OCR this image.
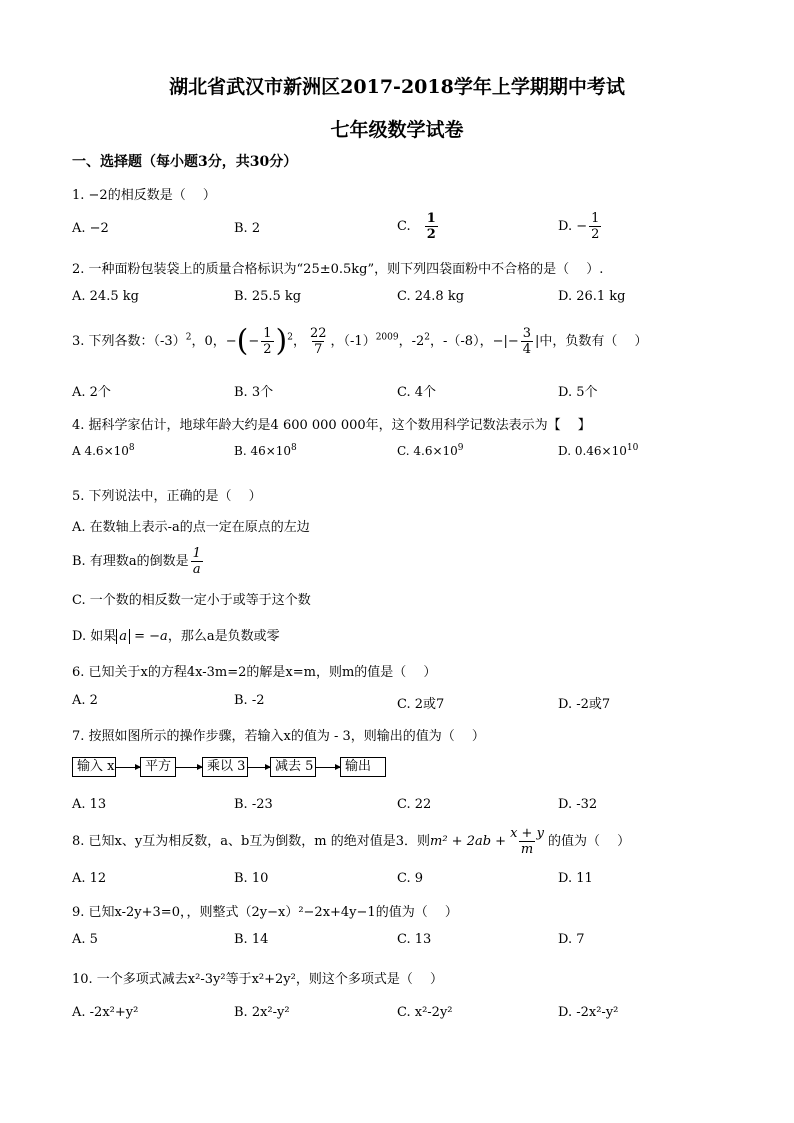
湖北省武汉市新洲区2017-2018学年上学期期中考试
七年级数学试卷
一、选择题（每小题3分，共30分）
1. −2的相反数是（　 ）
A. −2	B. 2	C. $\frac{1}{2}$	D. − $\frac{1}{2}$
2. 一种面粉包装袋上的质量合格标识为“25±0.5kg”，则下列四袋面粉中不合格的是（　 ）.
A. 24.5 kg	B. 25.5 kg	C. 24.8 kg	D. 26.1 kg
3. 下列各数：$(-3)^2$，0，−(− $\frac{1}{2} )^2$， $\frac{22}{7}$ ，$(-1)^{2009}$，$-2^2$，-（-8），−|− $\frac{3}{4}$ |中，负数有（　 ）
A. 2个	B. 3个	C. 4个	D. 5个
4. 据科学家估计，地球年龄大约是4 600 000 000年，这个数用科学记数法表示为【　 】
A $4.6\times 10^8$	B. $46\times 10^8$	C. $4.6\times 10^9$	D. $0.46\times 10^{10}$
5. 下列说法中，正确的是（　 ）
A. 在数轴上表示-a的点一定在原点的左边
B. 有理数a的倒数是 $\frac{1}{a}$
C. 一个数的相反数一定小于或等于这个数
D. 如果 a = −a，那么a是负数或零
6. 已知关于x的方程4x-3m=2的解是x=m，则m的值是（　 ）
A. 2	B. -2	C. 2或7	D. -2或7
7. 按照如图所示的操作步骤，若输入x的值为 - 3，则输出的值为（　 ）
输入 x	平方	乘以 3	减去 5	输出
A. 13	B. -23	C. 22	D. -32
8. 已知x、y互为相反数，a、b互为倒数，m 的绝对值是3．则$m^2 + 2ab + \frac{x + y}{m}$ 的值为（　 ）
A. 12	B. 10	C. 9	D. 11
9. 已知x-2y+3=0，，则整式（2y−x）²−2x+4y−1的值为（　 ）
A. 5	B. 14	C. 13	D. 7
10. 一个多项式减去x²-3y²等于x²+2y²，则这个多项式是（　 ）
A. -2x²+y²	B. 2x²-y²	C. x²-2y²	D. -2x²-y²
